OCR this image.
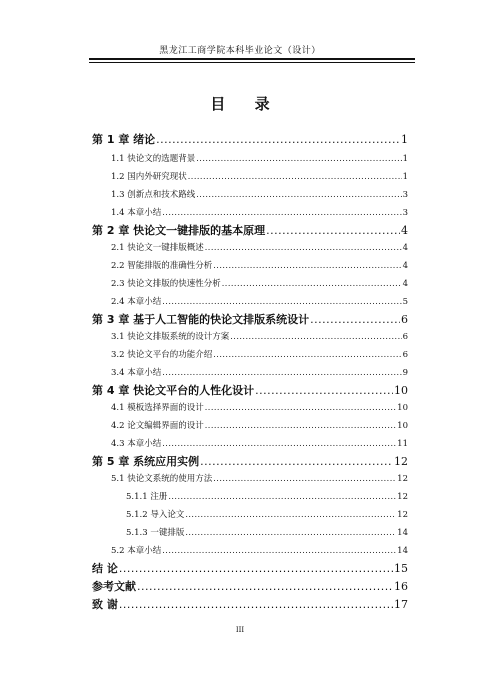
黑龙江工商学院本科毕业论文（设计）
目 录
第 1 章 绪论 .....	1
1.1 快论文的选题背景 .....	1
1.2 国内外研究现状 .....	1
1.3 创新点和技术路线 .....	3
1.4 本章小结 .....	3
第 2 章 快论文一键排版的基本原理 .....	4
2.1 快论文一键排版概述 .....	4
2.2 智能排版的准确性分析 .....	4
2.3 快论文排版的快速性分析 .....	4
2.4 本章小结 .....	5
第 3 章 基于人工智能的快论文排版系统设计 .....	6
3.1 快论文排版系统的设计方案 .....	6
3.2 快论文平台的功能介绍 .....	6
3.4 本章小结 .....	9
第 4 章 快论文平台的人性化设计 .....	10
4.1 模板选择界面的设计 .....	10
4.2 论文编辑界面的设计 .....	10
4.3 本章小结 .....	11
第 5 章 系统应用实例 .....	12
5.1 快论文系统的使用方法 .....	12
5.1.1 注册 .....	12
5.1.2 导入论文 .....	12
5.1.3 一键排版 .....	14
5.2 本章小结 .....	14
结 论 .....	15
参考文献 .....	16
致 谢 .....	17
III
